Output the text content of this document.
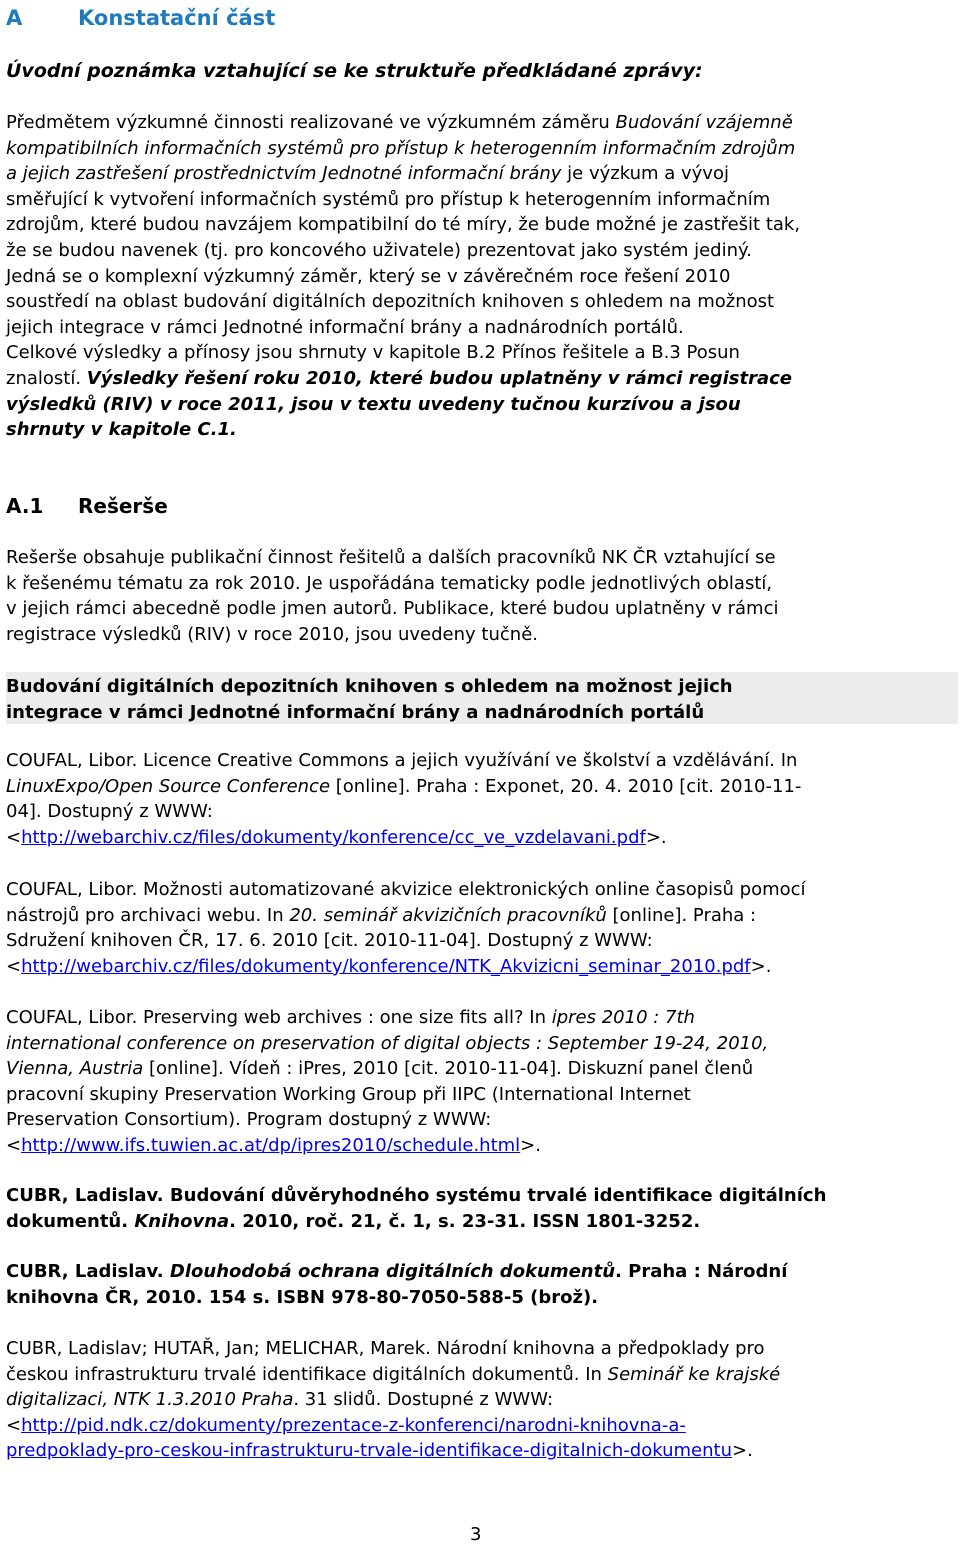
A	Konstatační část
Úvodní poznámka vztahující se ke struktuře předkládané zprávy:
Předmětem výzkumné činnosti realizované ve výzkumném záměru Budování vzájemně
kompatibilních informačních systémů pro přístup k heterogenním informačním zdrojům
a jejich zastřešení prostřednictvím Jednotné informační brány je výzkum a vývoj
směřující k vytvoření informačních systémů pro přístup k heterogenním informačním
zdrojům, které budou navzájem kompatibilní do té míry, že bude možné je zastřešit tak,
že se budou navenek (tj. pro koncového uživatele) prezentovat jako systém jediný.
Jedná se o komplexní výzkumný záměr, který se v závěrečném roce řešení 2010
soustředí na oblast budování digitálních depozitních knihoven s ohledem na možnost
jejich integrace v rámci Jednotné informační brány a nadnárodních portálů.
Celkové výsledky a přínosy jsou shrnuty v kapitole B.2 Přínos řešitele a B.3 Posun
znalostí. Výsledky řešení roku 2010, které budou uplatněny v rámci registrace
výsledků (RIV) v roce 2011, jsou v textu uvedeny tučnou kurzívou a jsou
shrnuty v kapitole C.1.
A.1 Rešerše
Rešerše obsahuje publikační činnost řešitelů a dalších pracovníků NK ČR vztahující se
k řešenému tématu za rok 2010. Je uspořádána tematicky podle jednotlivých oblastí,
v jejich rámci abecedně podle jmen autorů. Publikace, které budou uplatněny v rámci
registrace výsledků (RIV) v roce 2010, jsou uvedeny tučně.
Budování digitálních depozitních knihoven s ohledem na možnost jejich
integrace v rámci Jednotné informační brány a nadnárodních portálů
COUFAL, Libor. Licence Creative Commons a jejich využívání ve školství a vzdělávání. In
LinuxExpo/Open Source Conference [online]. Praha : Exponet, 20. 4. 2010 [cit. 2010-11-
04]. Dostupný z WWW:
<http://webarchiv.cz/files/dokumenty/konference/cc_ve_vzdelavani.pdf>.
COUFAL, Libor. Možnosti automatizované akvizice elektronických online časopisů pomocí
nástrojů pro archivaci webu. In 20. seminář akvizičních pracovníků [online]. Praha :
Sdružení knihoven ČR, 17. 6. 2010 [cit. 2010-11-04]. Dostupný z WWW:
<http://webarchiv.cz/files/dokumenty/konference/NTK_Akvizicni_seminar_2010.pdf>.
COUFAL, Libor. Preserving web archives : one size fits all? In ipres 2010 : 7th
international conference on preservation of digital objects : September 19-24, 2010,
Vienna, Austria [online]. Vídeň : iPres, 2010 [cit. 2010-11-04]. Diskuzní panel členů
pracovní skupiny Preservation Working Group při IIPC (International Internet
Preservation Consortium). Program dostupný z WWW:
<http://www.ifs.tuwien.ac.at/dp/ipres2010/schedule.html>.
CUBR, Ladislav. Budování důvěryhodného systému trvalé identifikace digitálních
dokumentů. Knihovna. 2010, roč. 21, č. 1, s. 23-31. ISSN 1801-3252.
CUBR, Ladislav. Dlouhodobá ochrana digitálních dokumentů. Praha : Národní
knihovna ČR, 2010. 154 s. ISBN 978-80-7050-588-5 (brož).
CUBR, Ladislav; HUTAŘ, Jan; MELICHAR, Marek. Národní knihovna a předpoklady pro
českou infrastrukturu trvalé identifikace digitálních dokumentů. In Seminář ke krajské
digitalizaci, NTK 1.3.2010 Praha. 31 slidů. Dostupné z WWW:
<http://pid.ndk.cz/dokumenty/prezentace-z-konferenci/narodni-knihovna-a-
predpoklady-pro-ceskou-infrastrukturu-trvale-identifikace-digitalnich-dokumentu>.
3
